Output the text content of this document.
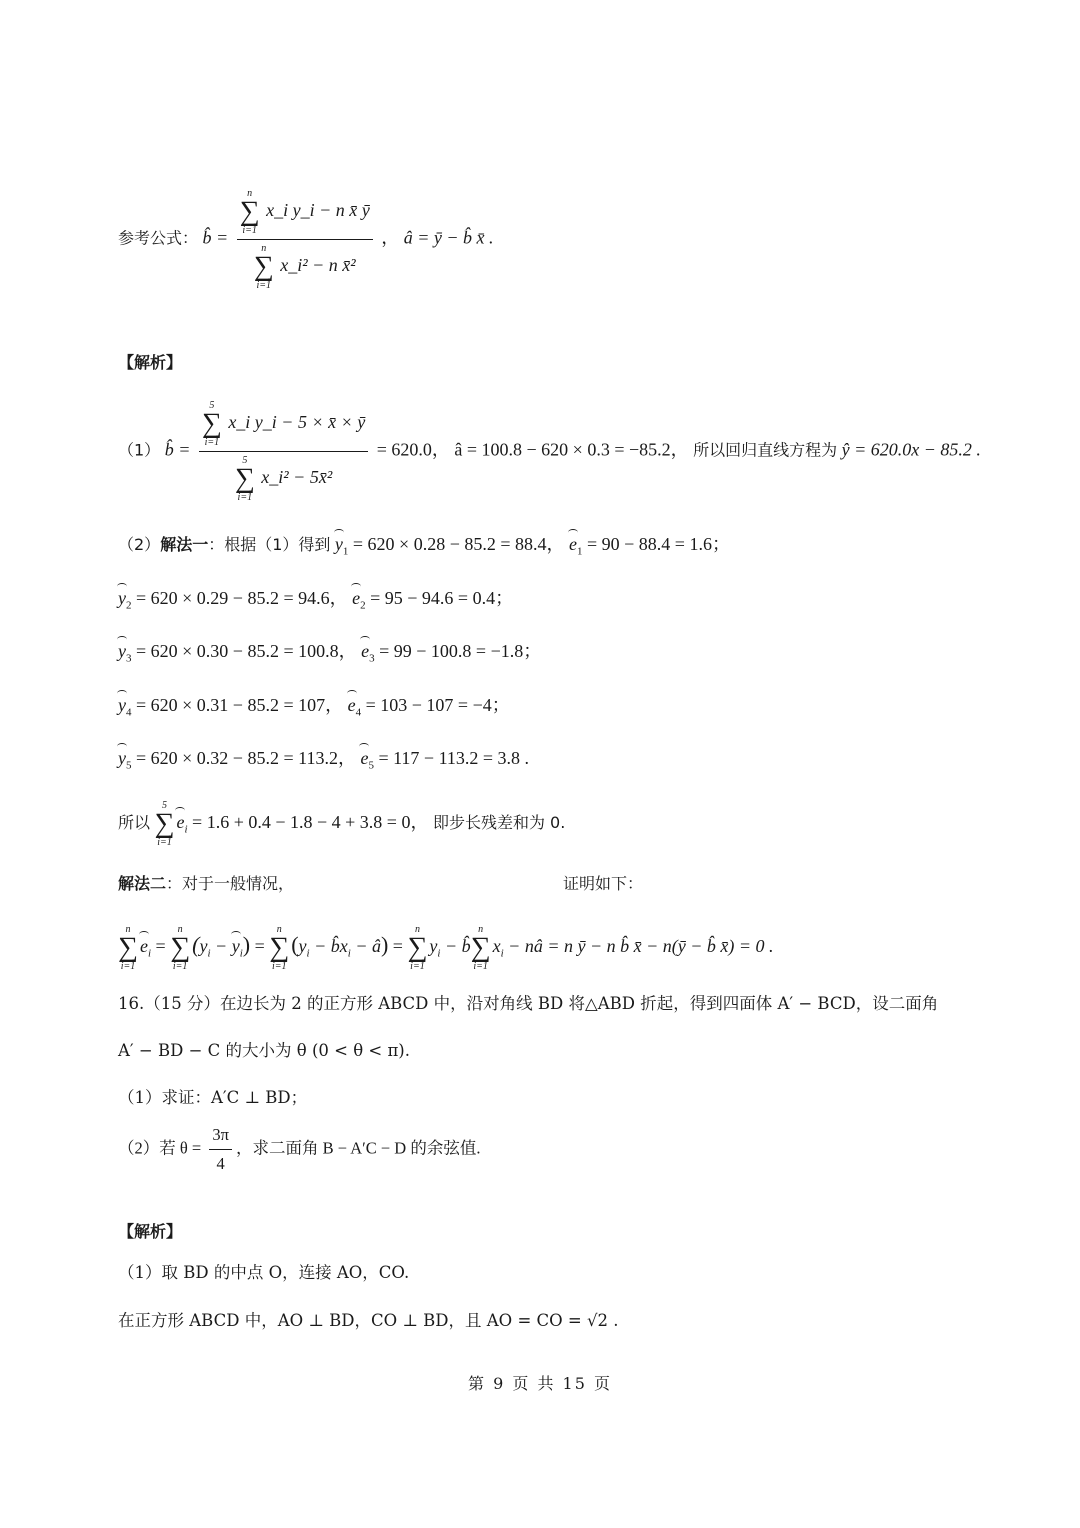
参考公式： b̂ = n
∑
i=1
x_i y_i − n x̄ ȳ
n
∑
i=1
x_i² − n x̄² ， â = ȳ − b̂ x̄ .
【解析】
（1） b̂ = 5
∑
i=1
x_i y_i − 5 × x̄ × ȳ
5
∑
i=1
x_i² − 5x̄² = 620.0， â = 100.8 − 620 × 0.3 = −85.2， 所以回归直线方程为 ŷ = 620.0x − 85.2 .
（2）解法一：根据（1）得到 $y_1 = 620 \times 0.28 - 85.2 = 88.4$， $e_1 = 90 - 88.4 = 1.6$；
$y_2 = 620 \times 0.29 - 85.2 = 94.6$， $e_2 = 95 - 94.6 = 0.4$；
$y_3 = 620 \times 0.30 - 85.2 = 100.8$， $e_3 = 99 - 100.8 = -1.8$；
$y_4 = 620 \times 0.31 - 85.2 = 107$， $e_4 = 103 - 107 = -4$；
$y_5 = 620 \times 0.32 - 85.2 = 113.2$， $e_5 = 117 - 113.2 = 3.8$ .
所以
5
∑
i=1
$e_i = 1.6 + 0.4 - 1.8 - 4 + 3.8 = 0$， 即步长残差和为 0.
解法二：对于一般情况，	证明如下：
n
∑
i=1
$e_i$ =
n
∑
i=1
$(y_i - y_i)$ =
n
∑
i=1
($y_i$ − $b̂x_i$ − â) =
n
∑
i=1
$y_i$ − b̂
n
∑
i=1
$x_i$ − nâ = n ȳ − n b̂ x̄ − n(ȳ − b̂ x̄) = 0 .
16.（15 分）在边长为 2 的正方形 ABCD 中，沿对角线 BD 将△ABD 折起，得到四面体 A′ − BCD，设二面角
A′ − BD − C 的大小为 θ (0 < θ < π).
（1）求证：A′C ⊥ BD；
（2）若 $\theta = \frac{3\pi}{4}$ ，求二面角 B − A′C − D 的余弦值.
【解析】
（1）取 BD 的中点 O，连接 AO，CO.
在正方形 ABCD 中，AO ⊥ BD，CO ⊥ BD，且 AO = CO = √2 .
第 9 页 共 15 页
